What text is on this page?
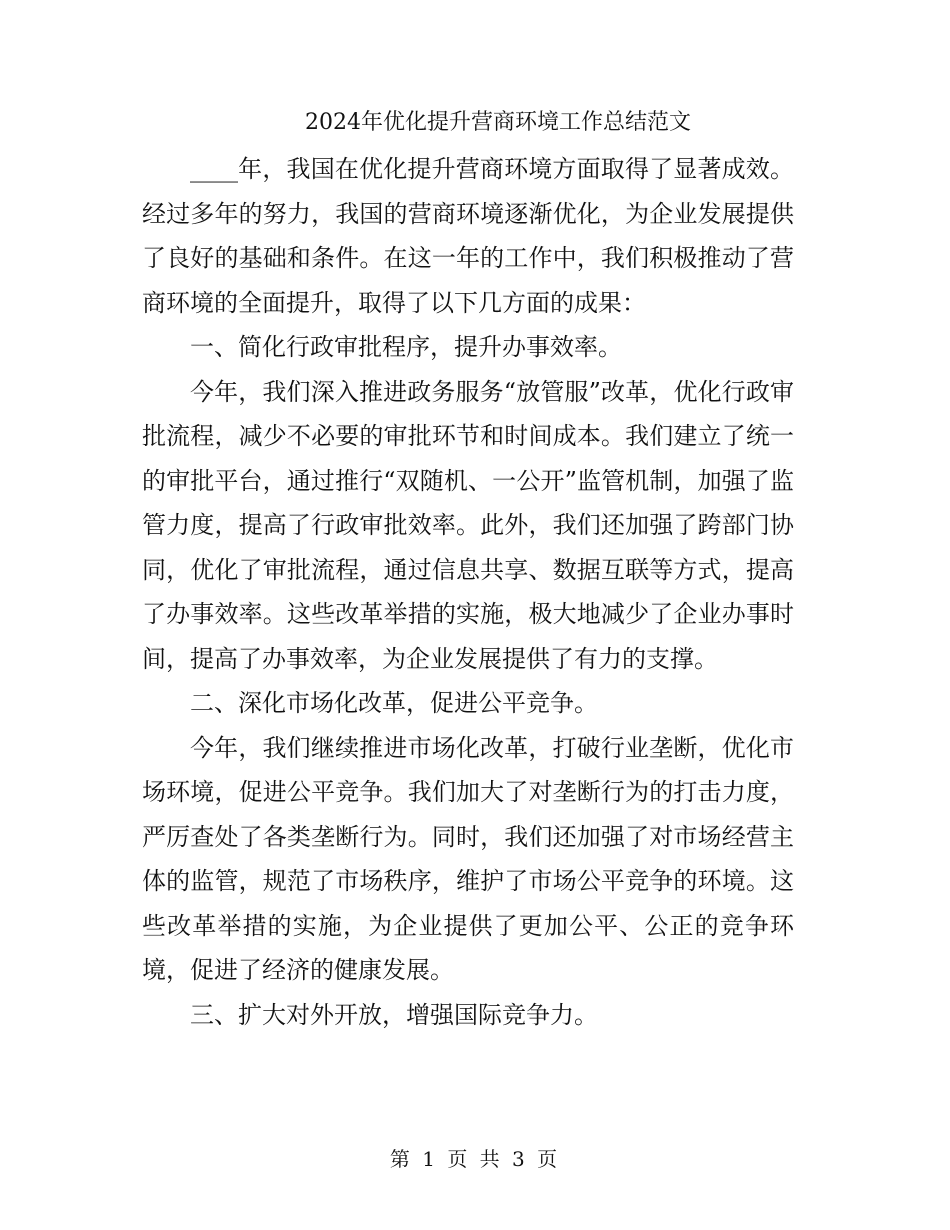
2024年优化提升营商环境工作总结范文

____年，我国在优化提升营商环境方面取得了显著成效。经过多年的努力，我国的营商环境逐渐优化，为企业发展提供了良好的基础和条件。在这一年的工作中，我们积极推动了营商环境的全面提升，取得了以下几方面的成果：

一、简化行政审批程序，提升办事效率。

今年，我们深入推进政务服务“放管服”改革，优化行政审批流程，减少不必要的审批环节和时间成本。我们建立了统一的审批平台，通过推行“双随机、一公开”监管机制，加强了监管力度，提高了行政审批效率。此外，我们还加强了跨部门协同，优化了审批流程，通过信息共享、数据互联等方式，提高了办事效率。这些改革举措的实施，极大地减少了企业办事时间，提高了办事效率，为企业发展提供了有力的支撑。

二、深化市场化改革，促进公平竞争。

今年，我们继续推进市场化改革，打破行业垄断，优化市场环境，促进公平竞争。我们加大了对垄断行为的打击力度，严厉查处了各类垄断行为。同时，我们还加强了对市场经营主体的监管，规范了市场秩序，维护了市场公平竞争的环境。这些改革举措的实施，为企业提供了更加公平、公正的竞争环境，促进了经济的健康发展。

三、扩大对外开放，增强国际竞争力。

第 1 页 共 3 页
